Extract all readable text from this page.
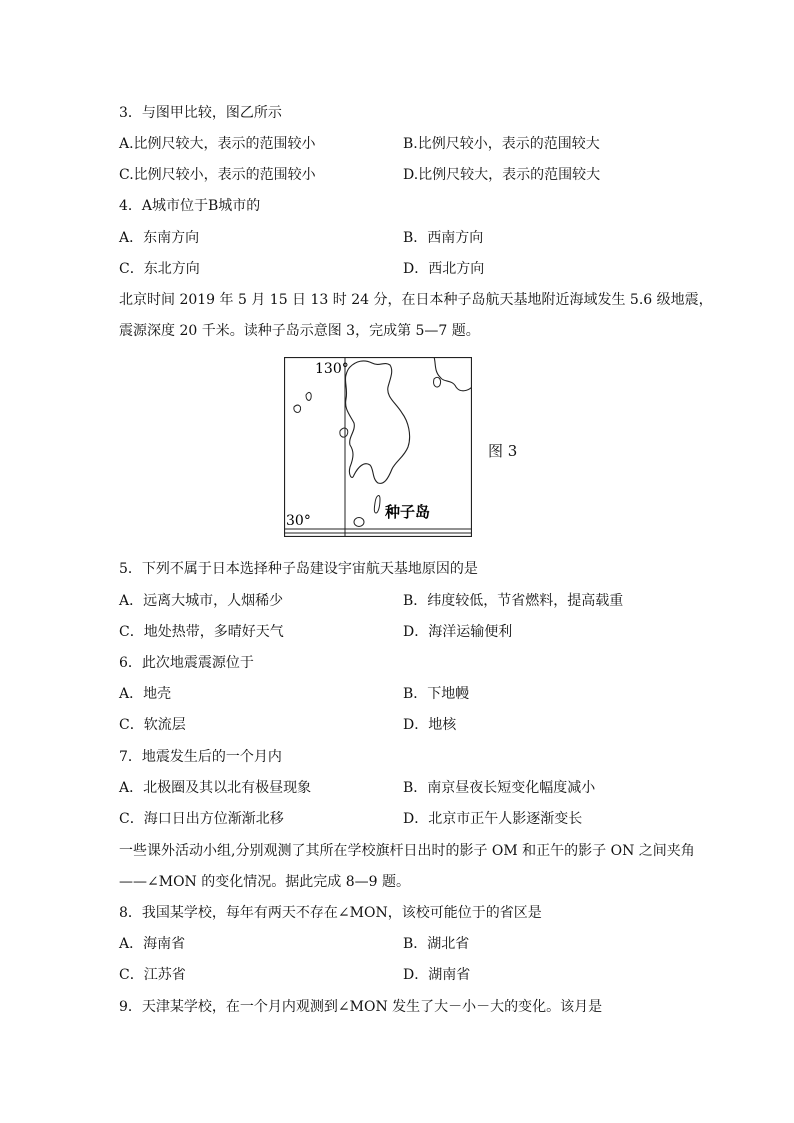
3．与图甲比较，图乙所示
A.比例尺较大，表示的范围较小	B.比例尺较小，表示的范围较大
C.比例尺较小，表示的范围较小	D.比例尺较大，表示的范围较大
4．A城市位于B城市的
A．东南方向	B．西南方向
C．东北方向	D．西北方向
北京时间 2019 年 5 月 15 日 13 时 24 分，在日本种子岛航天基地附近海域发生 5.6 级地震，
震源深度 20 千米。读种子岛示意图 3，完成第 5—7 题。
130°
30°	种子岛
图 3
5．下列不属于日本选择种子岛建设宇宙航天基地原因的是
A．远离大城市，人烟稀少	B．纬度较低，节省燃料，提高载重
C．地处热带，多晴好天气	D．海洋运输便利
6．此次地震震源位于
A．地壳	B．下地幔
C．软流层	D．地核
7．地震发生后的一个月内
A．北极圈及其以北有极昼现象	B．南京昼夜长短变化幅度减小
C．海口日出方位渐渐北移	D．北京市正午人影逐渐变长
一些课外活动小组,分别观测了其所在学校旗杆日出时的影子 OM 和正午的影子 ON 之间夹角
——∠MON 的变化情况。据此完成 8—9 题。
8．我国某学校，每年有两天不存在∠MON，该校可能位于的省区是
A．海南省	B．湖北省
C．江苏省	D．湖南省
9．天津某学校，在一个月内观测到∠MON 发生了大－小－大的变化。该月是
